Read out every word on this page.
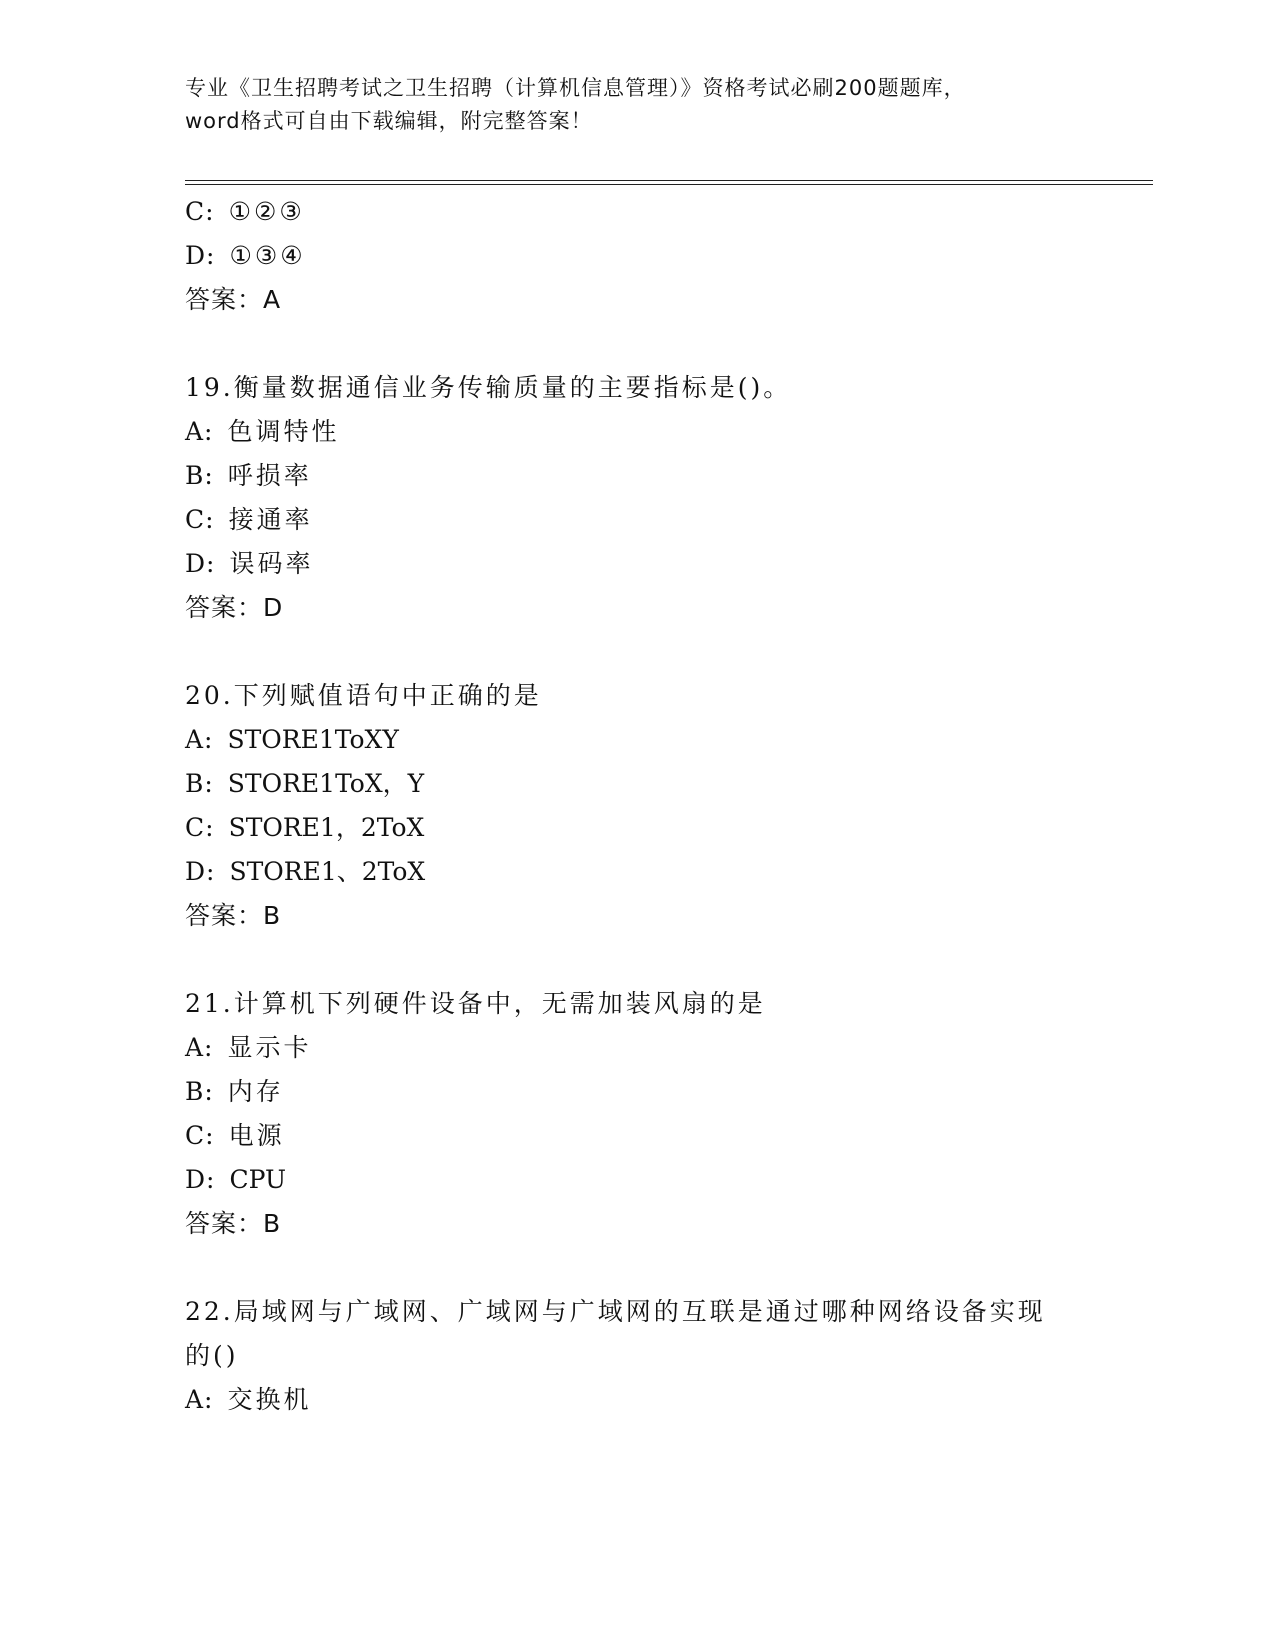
专业《卫生招聘考试之卫生招聘（计算机信息管理）》资格考试必刷200题题库，
word格式可自由下载编辑，附完整答案！
C: ①②③
D: ①③④
答案：A
19.衡量数据通信业务传输质量的主要指标是()。
A: 色调特性
B: 呼损率
C: 接通率
D: 误码率
答案：D
20.下列赋值语句中正确的是
A: STORE1ToXY
B: STORE1ToX，Y
C: STORE1，2ToX
D: STORE1、2ToX
答案：B
21.计算机下列硬件设备中，无需加装风扇的是
A: 显示卡
B: 内存
C: 电源
D: CPU
答案：B
22.局域网与广域网、广域网与广域网的互联是通过哪种网络设备实现
的()
A: 交换机
